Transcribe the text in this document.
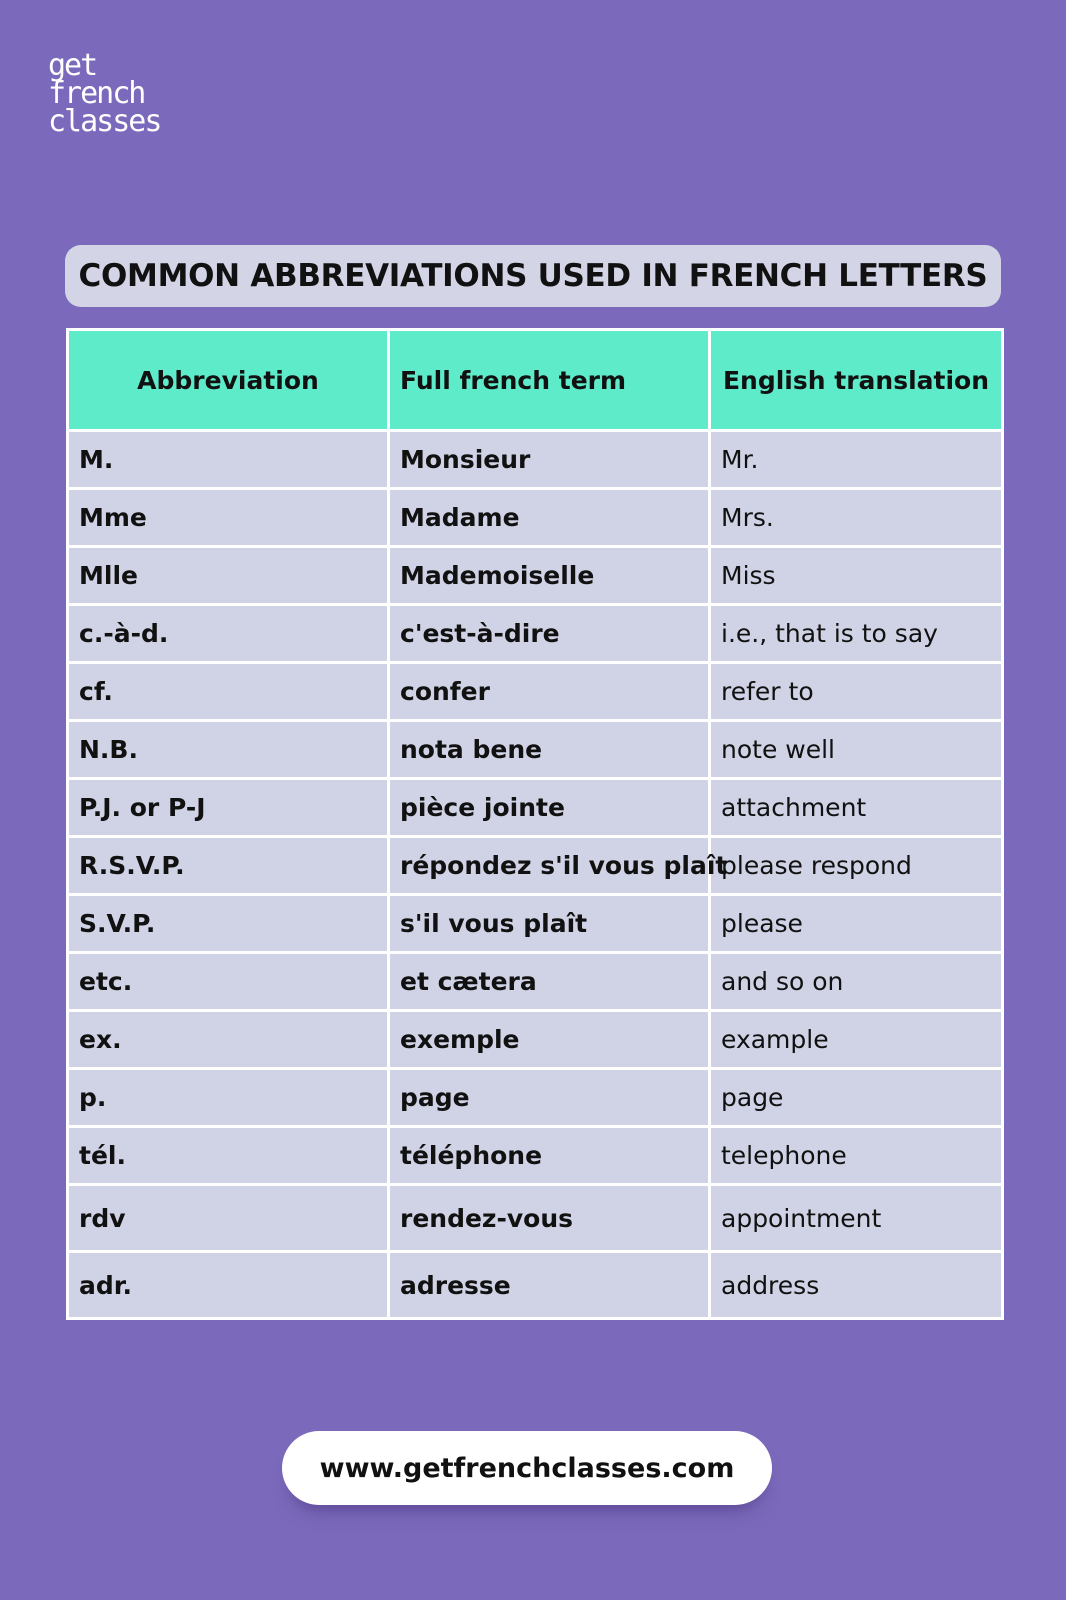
get
french
classes
COMMON ABBREVIATIONS USED IN FRENCH LETTERS
Abbreviation	Full french term	English translation
M.	Monsieur	Mr.
Mme	Madame	Mrs.
Mlle	Mademoiselle	Miss
c.-à-d.	c'est-à-dire	i.e., that is to say
cf.	confer	refer to
N.B.	nota bene	note well
P.J. or P-J	pièce jointe	attachment
R.S.V.P.	répondez s'il vous plaît	please respond
S.V.P.	s'il vous plaît	please
etc.	et cætera	and so on
ex.	exemple	example
p.	page	page
tél.	téléphone	telephone
rdv	rendez-vous	appointment
adr.	adresse	address
www.getfrenchclasses.com
